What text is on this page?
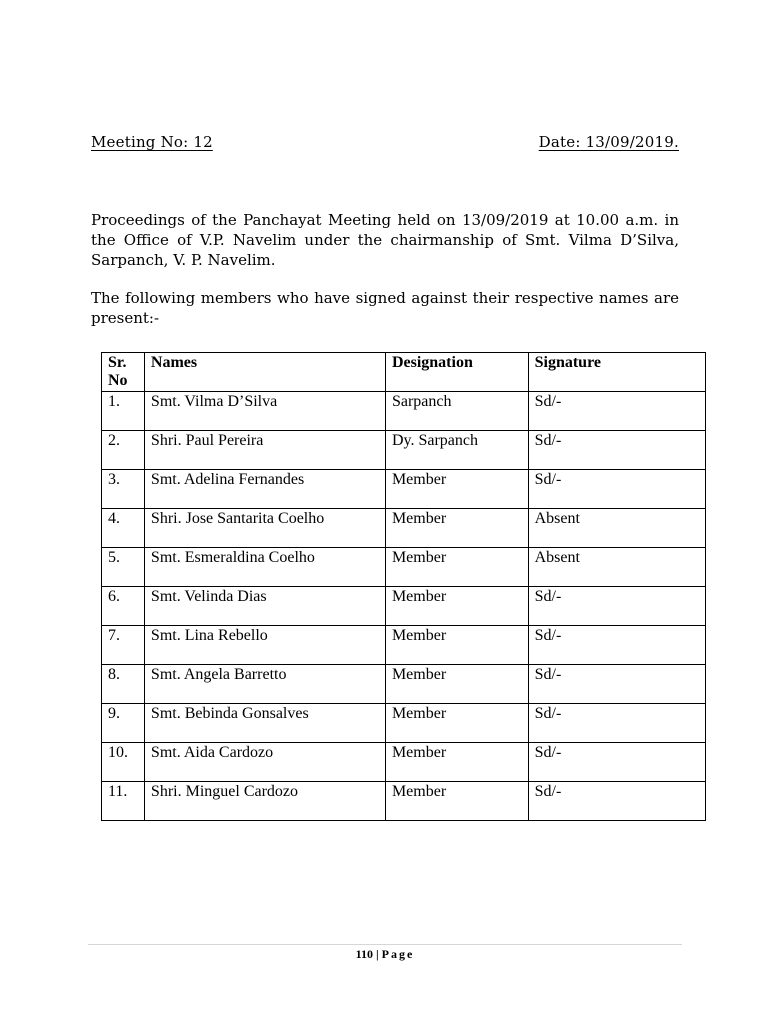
Meeting No: 12	Date: 13/09/2019.
Proceedings of the Panchayat Meeting held on 13/09/2019 at 10.00 a.m. in the Office of V.P. Navelim under the chairmanship of Smt. Vilma D’Silva, Sarpanch, V. P. Navelim.
The following members who have signed against their respective names are present:-
Sr. No	Names	Designation	Signature
1.	Smt. Vilma D’Silva	Sarpanch	Sd/-
2.	Shri. Paul Pereira	Dy. Sarpanch	Sd/-
3.	Smt. Adelina Fernandes	Member	Sd/-
4.	Shri. Jose Santarita Coelho	Member	Absent
5.	Smt. Esmeraldina Coelho	Member	Absent
6.	Smt. Velinda Dias	Member	Sd/-
7.	Smt. Lina Rebello	Member	Sd/-
8.	Smt. Angela Barretto	Member	Sd/-
9.	Smt. Bebinda Gonsalves	Member	Sd/-
10.	Smt. Aida Cardozo	Member	Sd/-
11.	Shri. Minguel Cardozo	Member	Sd/-
110 | Page
